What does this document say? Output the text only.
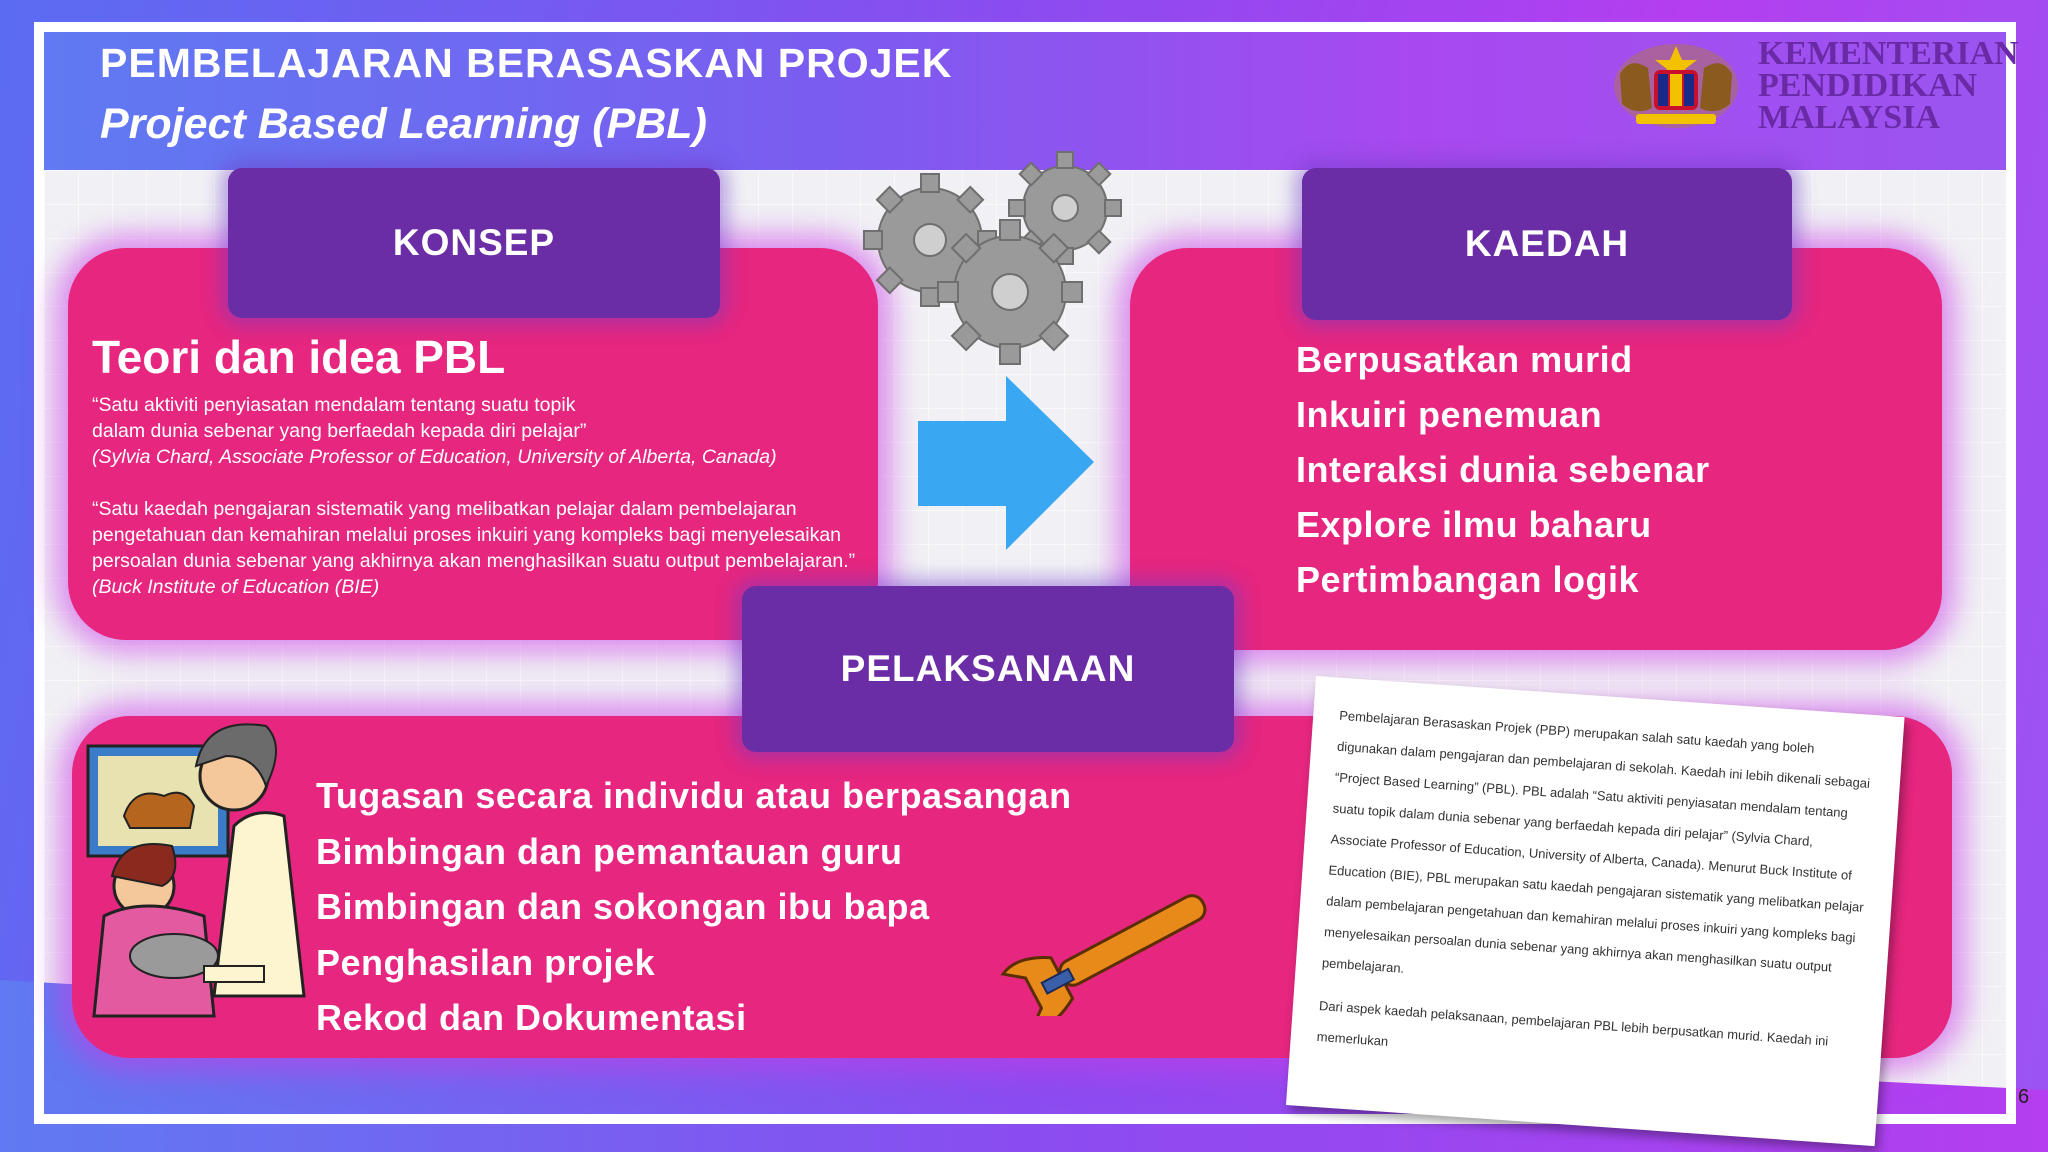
PEMBELAJARAN BERASASKAN PROJEK
Project Based Learning (PBL)
KEMENTERIAN
PENDIDIKAN
MALAYSIA
KONSEP
Teori dan idea PBL
“Satu aktiviti penyiasatan mendalam tentang suatu topik
dalam dunia sebenar yang berfaedah kepada diri pelajar”
(Sylvia Chard, Associate Professor of Education, University of Alberta, Canada)
“Satu kaedah pengajaran sistematik yang melibatkan pelajar dalam pembelajaran
pengetahuan dan kemahiran melalui proses inkuiri yang kompleks bagi menyelesaikan
persoalan dunia sebenar yang akhirnya akan menghasilkan suatu output pembelajaran.”
(Buck Institute of Education (BIE)
KAEDAH
Berpusatkan murid
Inkuiri penemuan
Interaksi dunia sebenar
Explore ilmu baharu
Pertimbangan logik
PELAKSANAAN
Tugasan secara individu atau berpasangan
Bimbingan dan pemantauan guru
Bimbingan dan sokongan ibu bapa
Penghasilan projek
Rekod dan Dokumentasi

Pembelajaran Berasaskan Projek (PBP) merupakan salah satu kaedah yang boleh digunakan dalam pengajaran dan pembelajaran di sekolah. Kaedah ini lebih dikenali sebagai “Project Based Learning” (PBL). PBL adalah “Satu aktiviti penyiasatan mendalam tentang suatu topik dalam dunia sebenar yang berfaedah kepada diri pelajar” (Sylvia Chard, Associate Professor of Education, University of Alberta, Canada). Menurut Buck Institute of Education (BIE), PBL merupakan satu kaedah pengajaran sistematik yang melibatkan pelajar dalam pembelajaran pengetahuan dan kemahiran melalui proses inkuiri yang kompleks bagi menyelesaikan persoalan dunia sebenar yang akhirnya akan menghasilkan suatu output pembelajaran.

Dari aspek kaedah pelaksanaan, pembelajaran PBL lebih berpusatkan murid. Kaedah ini memerlukan

6
